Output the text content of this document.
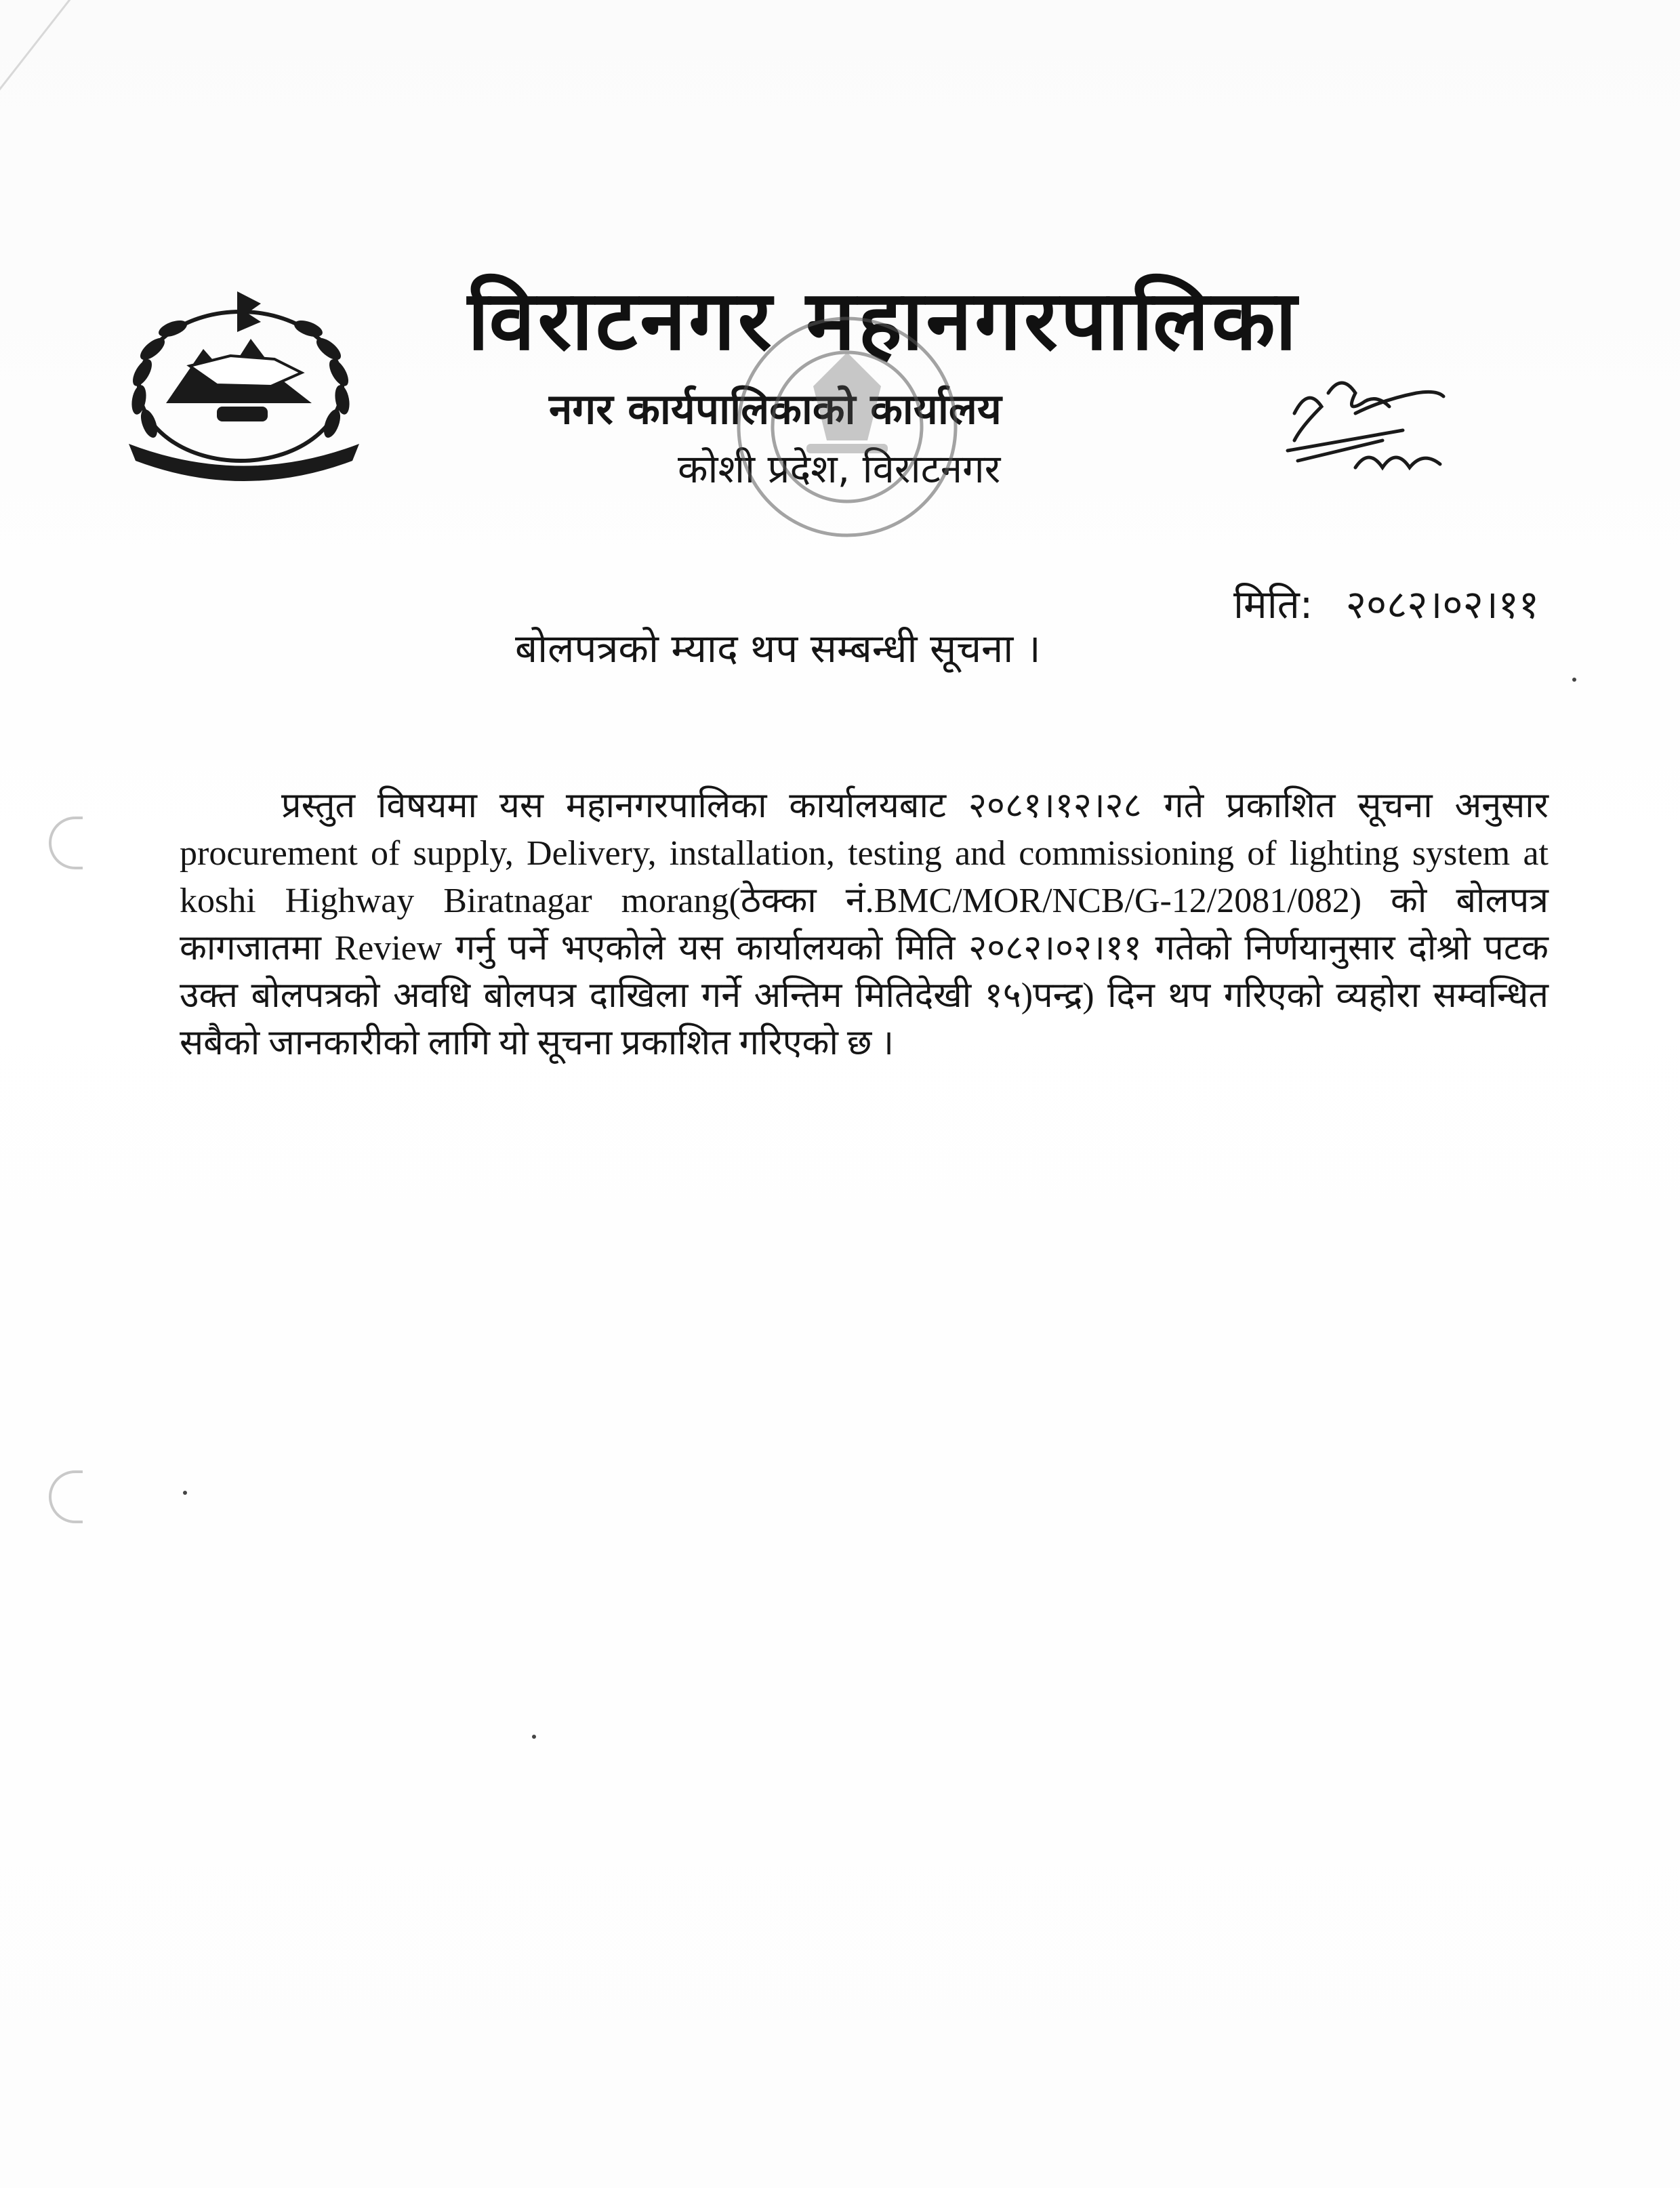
विराटनगर महानगरपालिका
नगर कार्यपालिकाको कार्यालय
कोशी प्रदेश, विराटनगर
मिति: २०८२।०२।११
बोलपत्रको म्याद थप सम्बन्धी सूचना ।
प्रस्तुत विषयमा यस महानगरपालिका कार्यालयबाट २०८१।१२।२८ गते प्रकाशित सूचना अनुसार procurement of supply, Delivery, installation, testing and commissioning of lighting system at koshi Highway Biratnagar morang(ठेक्का नं.BMC/MOR/NCB/G-12/2081/082) को बोलपत्र कागजातमा Review गर्नु पर्ने भएकोले यस कार्यालयको मिति २०८२।०२।११ गतेको निर्णयानुसार दोश्रो पटक उक्त बोलपत्रको अवधि बोलपत्र दाखिला गर्ने अन्तिम मितिदेखी १५)पन्द्र) दिन थप गरिएको व्यहोरा सम्वन्धित सबैको जानकारीको लागि यो सूचना प्रकाशित गरिएको छ ।
